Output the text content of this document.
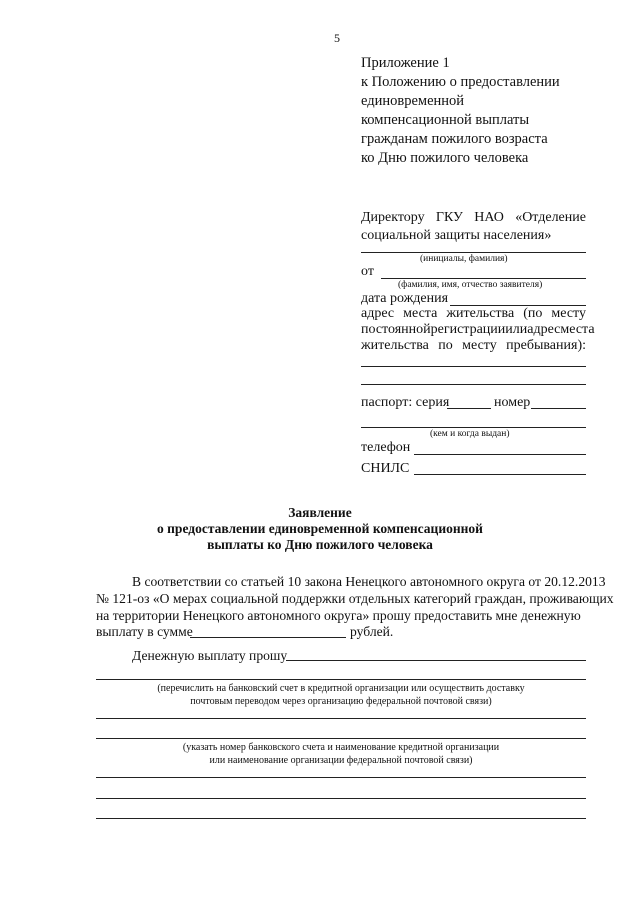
5
Приложение 1
к Положению о предоставлении
единовременной
компенсационной выплаты
гражданам пожилого возраста
ко Дню пожилого человека
Директору ГКУ НАО «Отделение
социальной защиты населения»
(инициалы, фамилия)
от
(фамилия, имя, отчество заявителя)
дата рождения
адрес места жительства (по месту
постоянной регистрации или адрес места
жительства по месту пребывания):
паспорт: серия	номер
(кем и когда выдан)
телефон
СНИЛС
Заявление
о предоставлении единовременной компенсационной
выплаты ко Дню пожилого человека
В соответствии со статьей 10 закона Ненецкого автономного округа от 20.12.2013
№ 121-оз «О мерах социальной поддержки отдельных категорий граждан, проживающих
на территории Ненецкого автономного округа» прошу предоставить мне денежную
выплату в сумме	рублей.
Денежную выплату прошу
(перечислить на банковский счет в кредитной организации или осуществить доставку
почтовым переводом через организацию федеральной почтовой связи)
(указать номер банковского счета и наименование кредитной организации
или наименование организации федеральной почтовой связи)
